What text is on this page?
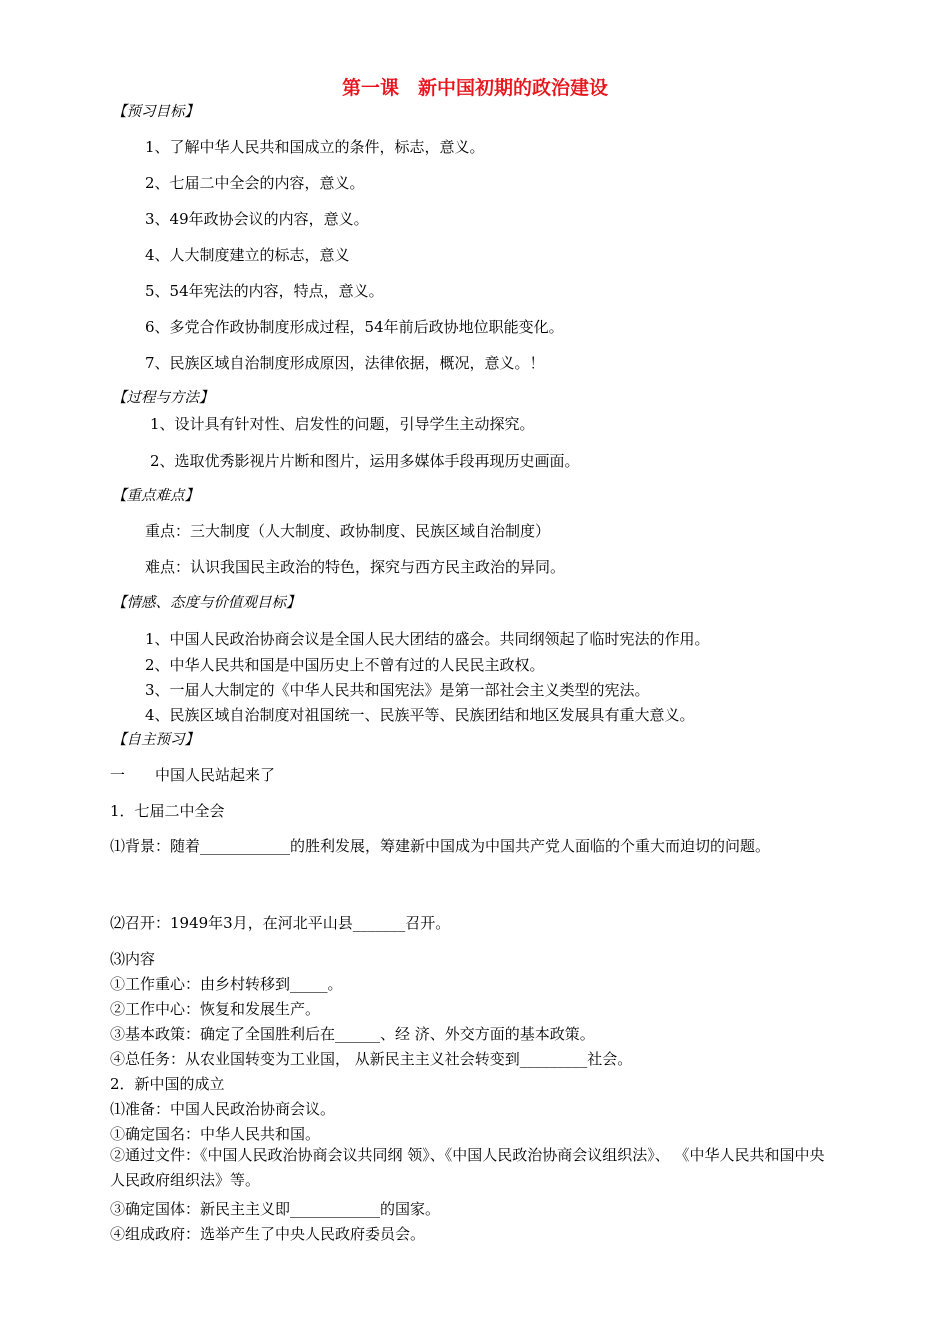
第一课　新中国初期的政治建设
【预习目标】
1、了解中华人民共和国成立的条件，标志，意义。
2、七届二中全会的内容，意义。
3、49年政协会议的内容，意义。
4、人大制度建立的标志，意义
5、54年宪法的内容，特点，意义。
6、多党合作政协制度形成过程，54年前后政协地位职能变化。
7、民族区域自治制度形成原因，法律依据，概况，意义。！
【过程与方法】
1、设计具有针对性、启发性的问题，引导学生主动探究。
2、选取优秀影视片片断和图片，运用多媒体手段再现历史画面。
【重点难点】
重点：三大制度（人大制度、政协制度、民族区域自治制度）
难点：认识我国民主政治的特色，探究与西方民主政治的异同。
【情感、态度与价值观目标】
1、中国人民政治协商会议是全国人民大团结的盛会。共同纲领起了临时宪法的作用。
2、中华人民共和国是中国历史上不曾有过的人民民主政权。
3、一届人大制定的《中华人民共和国宪法》是第一部社会主义类型的宪法。
4、民族区域自治制度对祖国统一、民族平等、民族团结和地区发展具有重大意义。
【自主预习】
一　　中国人民站起来了
1．七届二中全会
⑴背景：随着____________的胜利发展，筹建新中国成为中国共产党人面临的个重大而迫切的问题。
⑵召开：1949年3月，在河北平山县_______召开。
⑶内容
①工作重心：由乡村转移到_____。
②工作中心：恢复和发展生产。
③基本政策：确定了全国胜利后在______、经 济、外交方面的基本政策。
④总任务：从农业国转变为工业国， 从新民主主义社会转变到_________社会。
2．新中国的成立
⑴准备：中国人民政治协商会议。
①确定国名：中华人民共和国。
②通过文件：《中国人民政治协商会议共同纲 领》、《中国人民政治协商会议组织法》、 《中华人民共和国中央人民政府组织法》等。
③确定国体：新民主主义即____________的国家。
④组成政府：选举产生了中央人民政府委员会。
